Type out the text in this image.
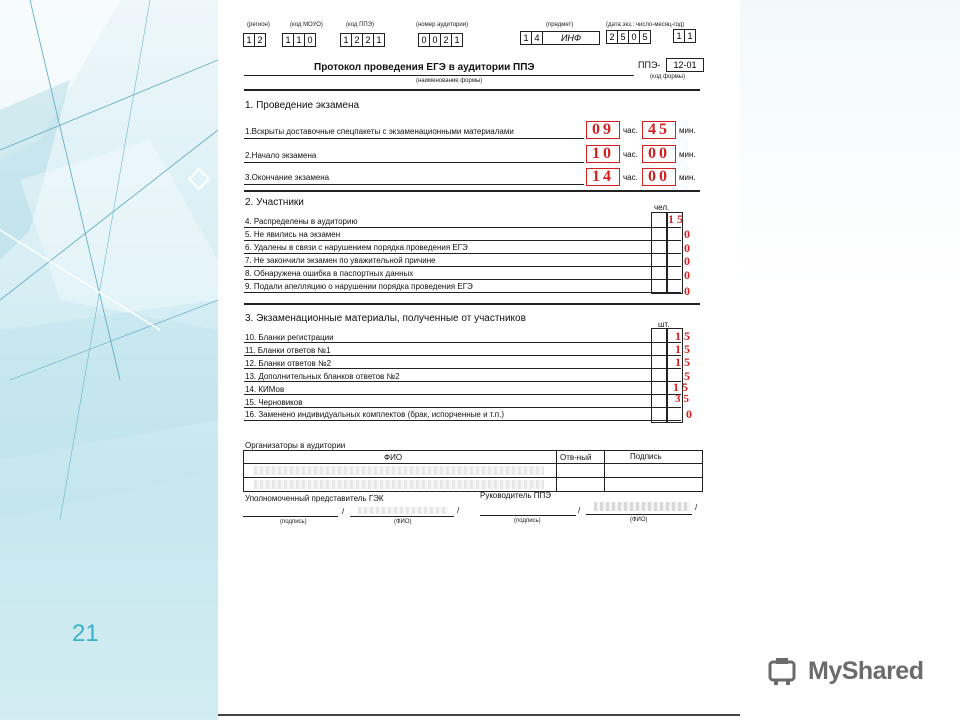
21
MyShared
(регион)	(код МОУО)	(код ППЭ)	(номер аудитории)	(предмет)	(дата экз.: число-месяц-год)
1 2	1 1 0	1 2 2 1	0 0 2 1	1 4	ИНФ	2 5 0 5	1 1
Протокол проведения ЕГЭ в аудитории ППЭ
(наименование формы)
ППЭ-	12-01
(код формы)
1. Проведение экзамена
1.Вскрыты доставочные спецпакеты с экзаменационными материалами	09	час. 45	мин.
2.Начало экзамена	10	час. 00	мин.
3.Окончание экзамена	14	час. 00	мин.
2. Участники	чел.
4. Распределены в аудиторию	15
5. Не явились на экзамен	0
6. Удалены в связи с нарушением порядка проведения ЕГЭ	0
7. Не закончили экзамен по уважительной причине	0
8. Обнаружена ошибка в паспортных данных	0
9. Подали апелляцию о нарушении порядка проведения ЕГЭ	0
3. Экзаменационные материалы, полученные от участников
шт.
10. Бланки регистрации	15
11. Бланки ответов №1	15
12. Бланки ответов №2	15
13. Дополнительных бланков ответов №2	5
14. КИМов	15
15. Черновиков	35
16. Заменено индивидуальных комплектов (брак, испорченные и т.п.)	0
Организаторы в аудитории
ФИО	Отв-ный	Подпись
Уполномоченный представитель ГЭК	Руководитель ППЭ
/	/
(подпись)	(ФИО)
/	/
(подпись)	(ФИО)
